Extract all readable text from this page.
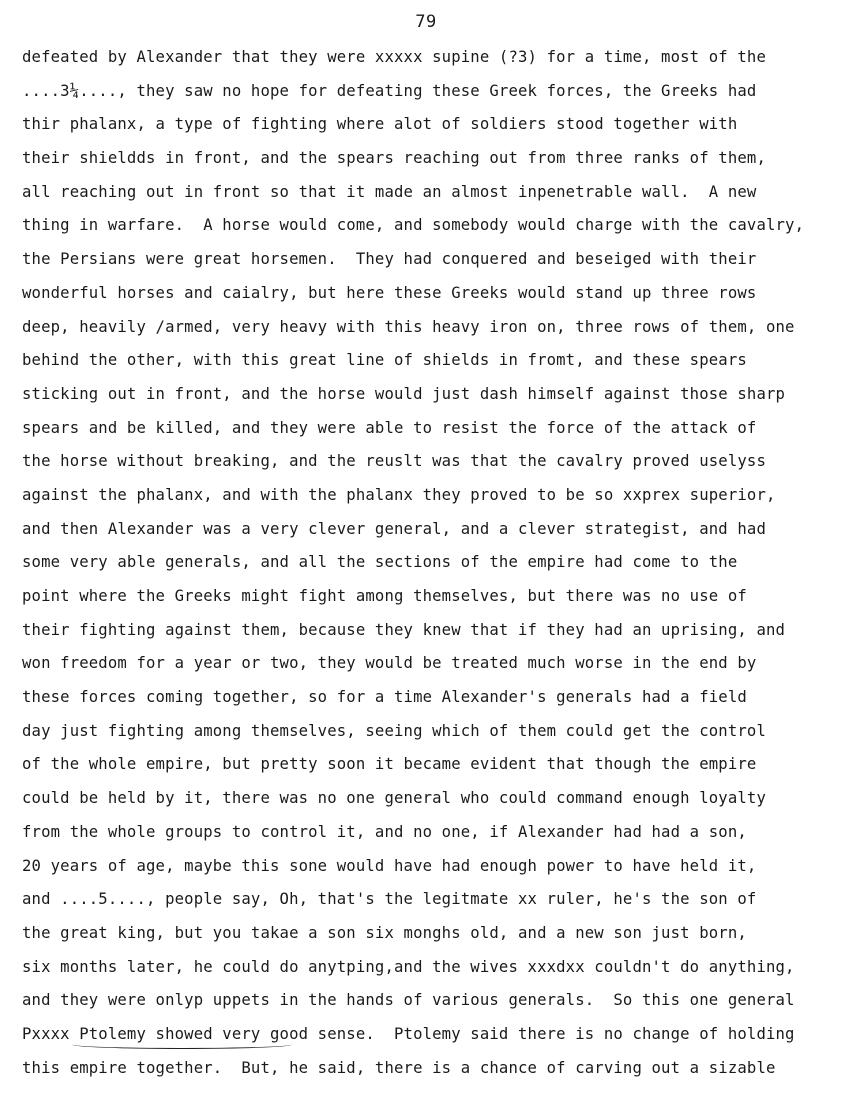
79
defeated by Alexander that they were xxxxx supine (?3) for a time, most of the
....3¼...., they saw no hope for defeating these Greek forces, the Greeks had
thir phalanx, a type of fighting where alot of soldiers stood together with
their shieldds in front, and the spears reaching out from three ranks of them,
all reaching out in front so that it made an almost inpenetrable wall.  A new
thing in warfare.  A horse would come, and somebody would charge with the cavalry,
the Persians were great horsemen.  They had conquered and beseiged with their
wonderful horses and caialry, but here these Greeks would stand up three rows
deep, heavily /armed, very heavy with this heavy iron on, three rows of them, one
behind the other, with this great line of shields in fromt, and these spears
sticking out in front, and the horse would just dash himself against those sharp
spears and be killed, and they were able to resist the force of the attack of
the horse without breaking, and the reuslt was that the cavalry proved uselyss
against the phalanx, and with the phalanx they proved to be so xxprex superior,
and then Alexander was a very clever general, and a clever strategist, and had
some very able generals, and all the sections of the empire had come to the
point where the Greeks might fight among themselves, but there was no use of
their fighting against them, because they knew that if they had an uprising, and
won freedom for a year or two, they would be treated much worse in the end by
these forces coming together, so for a time Alexander's generals had a field
day just fighting among themselves, seeing which of them could get the control
of the whole empire, but pretty soon it became evident that though the empire
could be held by it, there was no one general who could command enough loyalty
from the whole groups to control it, and no one, if Alexander had had a son,
20 years of age, maybe this sone would have had enough power to have held it,
and ....5...., people say, Oh, that's the legitmate xx ruler, he's the son of
the great king, but you takae a son six monghs old, and a new son just born,
six months later, he could do anytping,and the wives xxxdxx couldn't do anything,
and they were onlyp uppets in the hands of various generals.  So this one general
Pxxxx Ptolemy showed very good sense.  Ptolemy said there is no change of holding
this empire together.  But, he said, there is a chance of carving out a sizable
